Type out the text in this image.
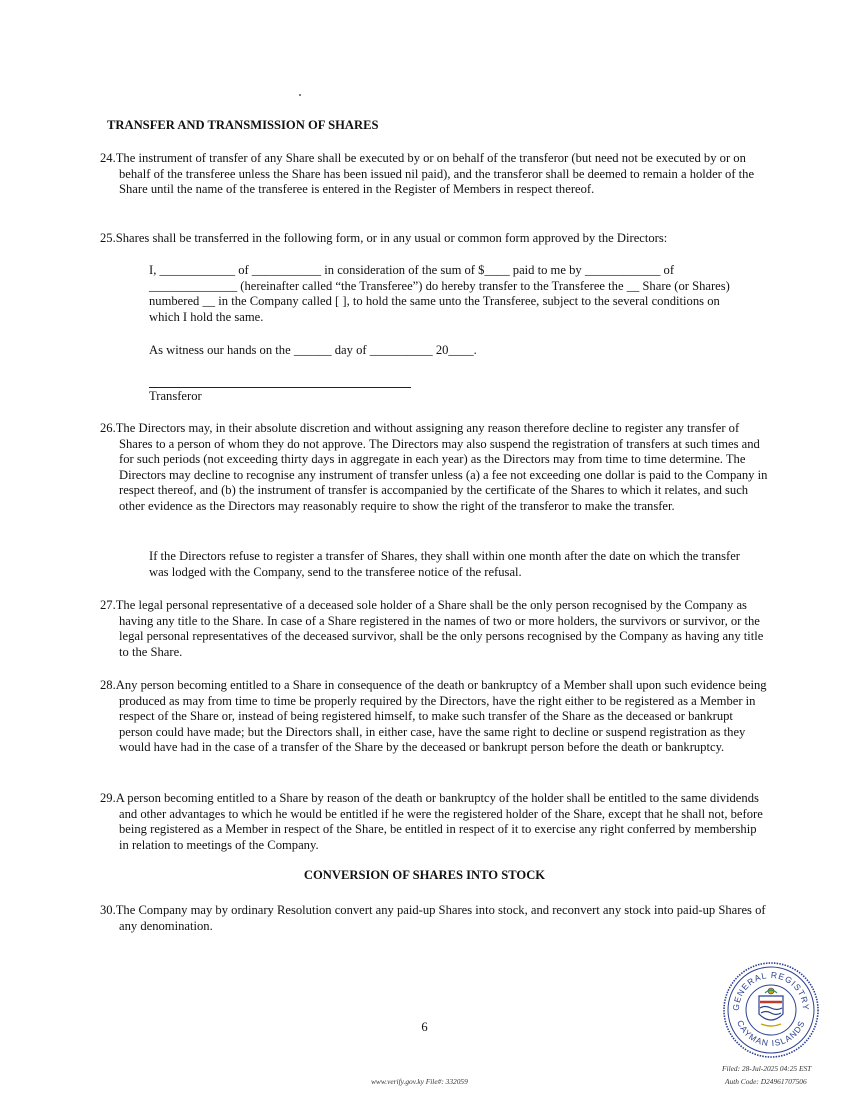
TRANSFER AND TRANSMISSION OF SHARES

24.The instrument of transfer of any Share shall be executed by or on behalf of the transferor (but need not be executed by or on behalf of the transferee unless the Share has been issued nil paid), and the transferor shall be deemed to remain a holder of the Share until the name of the transferee is entered in the Register of Members in respect thereof.

25.Shares shall be transferred in the following form, or in any usual or common form approved by the Directors:

I, ____________ of ___________ in consideration of the sum of $____ paid to me by ____________ of ______________ (hereinafter called “the Transferee”) do hereby transfer to the Transferee the __ Share (or Shares) numbered __ in the Company called [ ], to hold the same unto the Transferee, subject to the several conditions on which I hold the same.

As witness our hands on the ______ day of __________ 20____.

Transferor

26.The Directors may, in their absolute discretion and without assigning any reason therefore decline to register any transfer of Shares to a person of whom they do not approve. The Directors may also suspend the registration of transfers at such times and for such periods (not exceeding thirty days in aggregate in each year) as the Directors may from time to time determine. The Directors may decline to recognise any instrument of transfer unless (a) a fee not exceeding one dollar is paid to the Company in respect thereof, and (b) the instrument of transfer is accompanied by the certificate of the Shares to which it relates, and such other evidence as the Directors may reasonably require to show the right of the transferor to make the transfer.

If the Directors refuse to register a transfer of Shares, they shall within one month after the date on which the transfer was lodged with the Company, send to the transferee notice of the refusal.

27.The legal personal representative of a deceased sole holder of a Share shall be the only person recognised by the Company as having any title to the Share. In case of a Share registered in the names of two or more holders, the survivors or survivor, or the legal personal representatives of the deceased survivor, shall be the only persons recognised by the Company as having any title to the Share.

28.Any person becoming entitled to a Share in consequence of the death or bankruptcy of a Member shall upon such evidence being produced as may from time to time be properly required by the Directors, have the right either to be registered as a Member in respect of the Share or, instead of being registered himself, to make such transfer of the Share as the deceased or bankrupt person could have made; but the Directors shall, in either case, have the same right to decline or suspend registration as they would have had in the case of a transfer of the Share by the deceased or bankrupt person before the death or bankruptcy.

29.A person becoming entitled to a Share by reason of the death or bankruptcy of the holder shall be entitled to the same dividends and other advantages to which he would be entitled if he were the registered holder of the Share, except that he shall not, before being registered as a Member in respect of the Share, be entitled in respect of it to exercise any right conferred by membership in relation to meetings of the Company.

CONVERSION OF SHARES INTO STOCK

30.The Company may by ordinary Resolution convert any paid-up Shares into stock, and reconvert any stock into paid-up Shares of any denomination.

6
GENERAL REGISTRY
CAYMAN ISLANDS
www.verify.gov.ky File#: 332059
Filed: 28-Jul-2025 04:25 EST
Auth Code: D24961707506
